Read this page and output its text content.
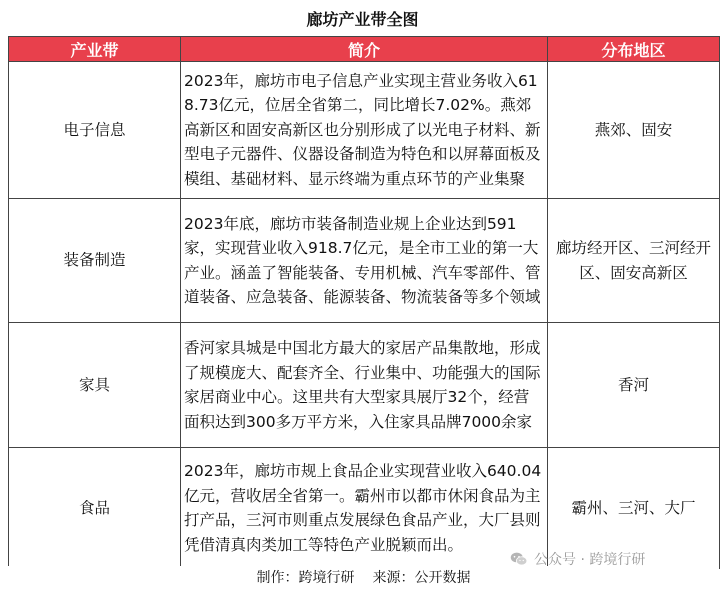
廊坊产业带全图
产业带	简介	分布地区
电子信息	2023年，廊坊市电子信息产业实现主营业务收入618.73亿元，位居全省第二，同比增长7.02%。燕郊高新区和固安高新区也分别形成了以光电子材料、新型电子元器件、仪器设备制造为特色和以屏幕面板及模组、基础材料、显示终端为重点环节的产业集聚	燕郊、固安
装备制造	2023年底，廊坊市装备制造业规上企业达到591家，实现营业收入918.7亿元，是全市工业的第一大产业。涵盖了智能装备、专用机械、汽车零部件、管道装备、应急装备、能源装备、物流装备等多个领域	廊坊经开区、三河经开区、固安高新区
家具	香河家具城是中国北方最大的家居产品集散地，形成了规模庞大、配套齐全、行业集中、功能强大的国际家居商业中心。这里共有大型家具展厅32个，经营面积达到300多万平方米，入住家具品牌7000余家	香河
食品	2023年，廊坊市规上食品企业实现营业收入640.04亿元，营收居全省第一。霸州市以都市休闲食品为主打产品，三河市则重点发展绿色食品产业，大厂县则凭借清真肉类加工等特色产业脱颖而出。	霸州、三河、大厂
制作： 跨境行研 来源： 公开数据
公众号 · 跨境行研
